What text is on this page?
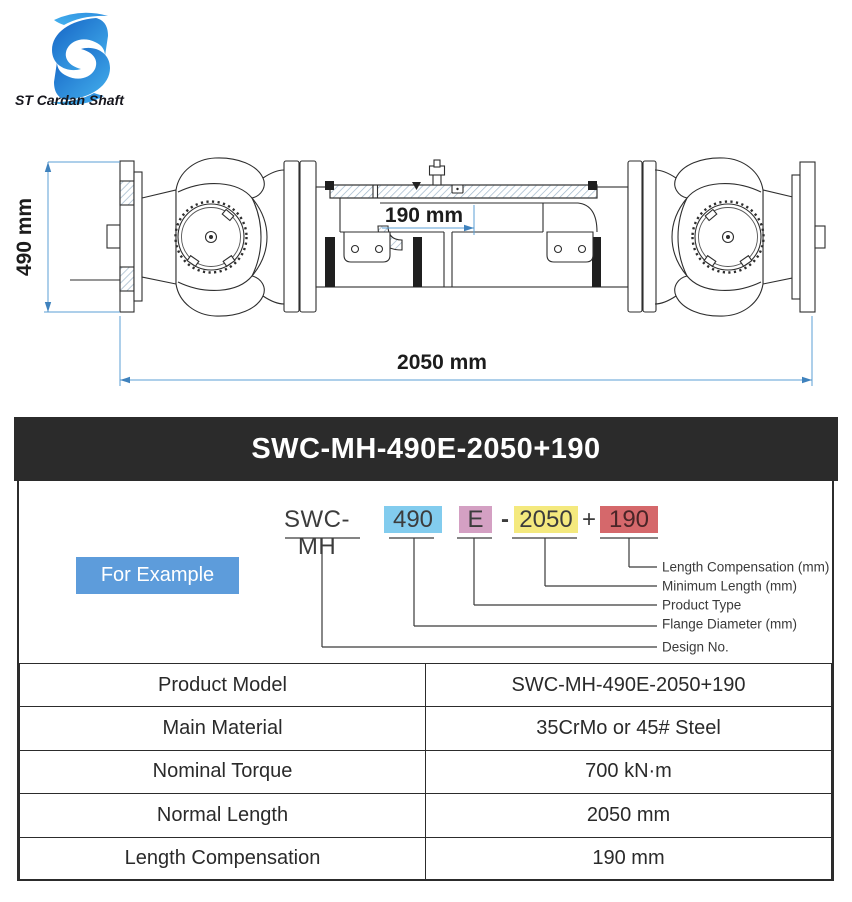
ST Cardan Shaft
490 mm	190 mm
2050 mm
SWC-MH-490E-2050+190
For Example
SWC-MH
490	E - 2050 + 190
Length Compensation (mm)
Minimum Length (mm)
Product Type
Flange Diameter (mm)
Design No.
Product Model	SWC-MH-490E-2050+190
Main Material	35CrMo or 45# Steel
Nominal Torque	700 kN·m
Normal Length	2050 mm
Length Compensation	190 mm
